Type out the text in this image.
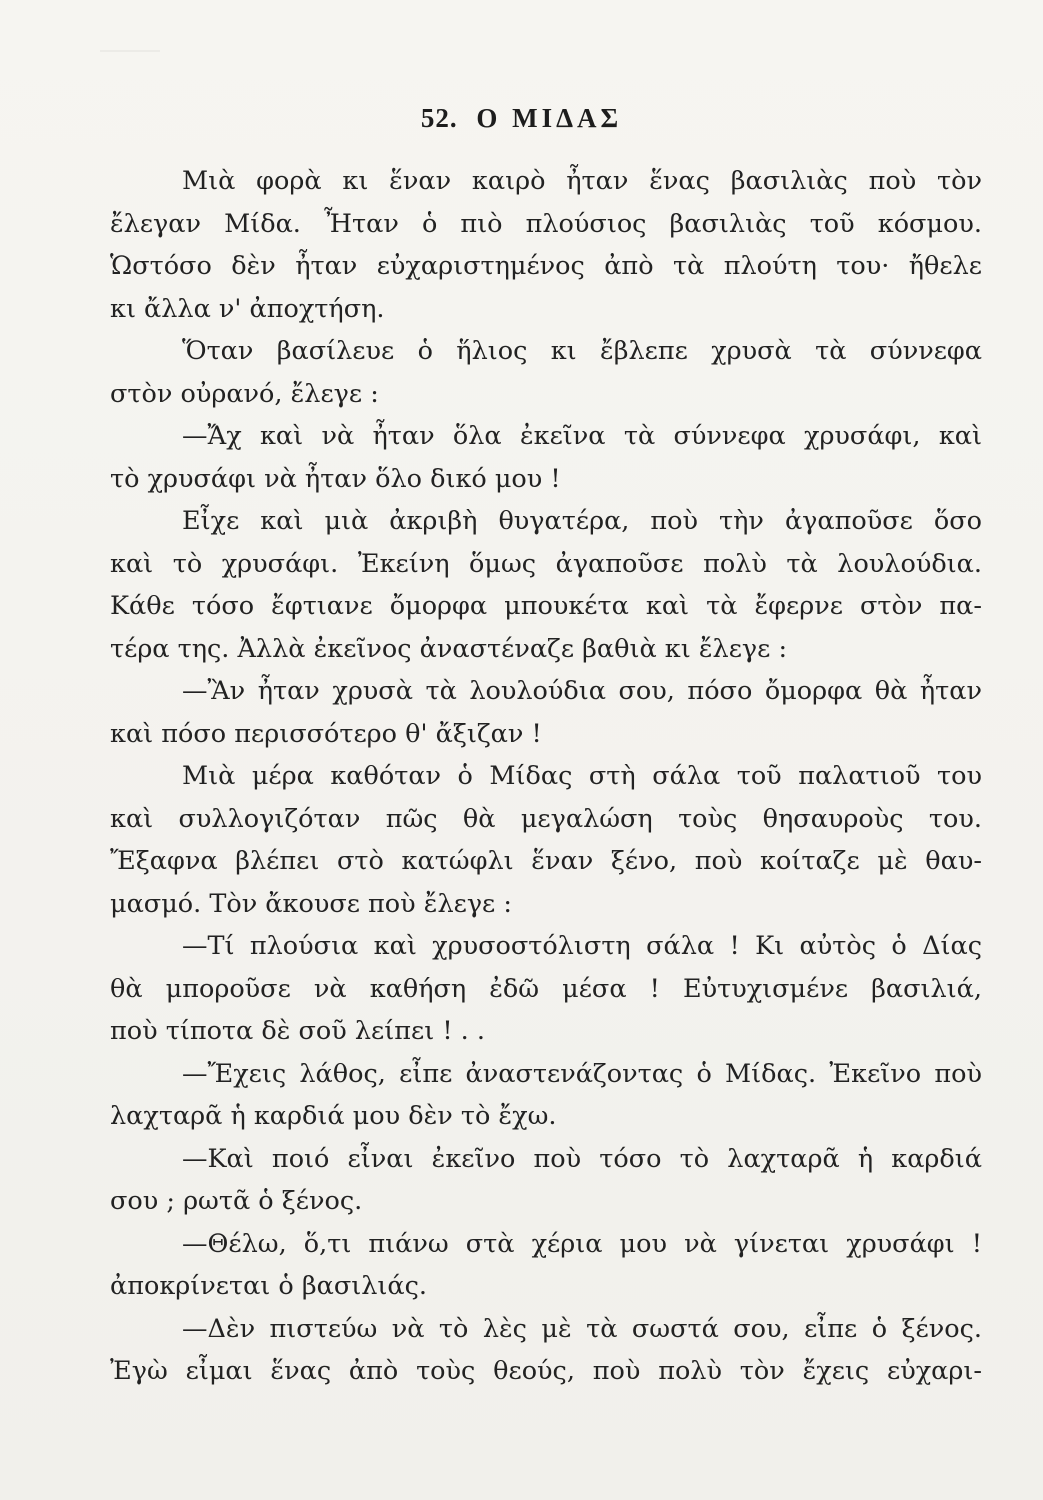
52. Ο ΜΙΔΑΣ
Μιὰ φορὰ κι ἕναν καιρὸ ἦταν ἕνας βασιλιὰς ποὺ τὸν
ἔλεγαν Μίδα. Ἦταν ὁ πιὸ πλούσιος βασιλιὰς τοῦ κόσμου.
Ὡστόσο δὲν ἦταν εὐχαριστημένος ἀπὸ τὰ πλούτη του· ἤθελε
κι ἄλλα ν' ἀποχτήση.
Ὅταν βασίλευε ὁ ἥλιος κι ἔβλεπε χρυσὰ τὰ σύννεφα
στὸν οὐρανό, ἔλεγε :
—Ἄχ καὶ νὰ ἦταν ὅλα ἐκεῖνα τὰ σύννεφα χρυσάφι, καὶ
τὸ χρυσάφι νὰ ἦταν ὅλο δικό μου !
Εἶχε καὶ μιὰ ἀκριβὴ θυγατέρα, ποὺ τὴν ἀγαποῦσε ὅσο
καὶ τὸ χρυσάφι. Ἐκείνη ὅμως ἀγαποῦσε πολὺ τὰ λουλούδια.
Κάθε τόσο ἔφτιανε ὄμορφα μπουκέτα καὶ τὰ ἔφερνε στὸν πα-
τέρα της. Ἀλλὰ ἐκεῖνος ἀναστέναζε βαθιὰ κι ἔλεγε :
—Ἂν ἦταν χρυσὰ τὰ λουλούδια σου, πόσο ὄμορφα θὰ ἦταν
καὶ πόσο περισσότερο θ' ἄξιζαν !
Μιὰ μέρα καθόταν ὁ Μίδας στὴ σάλα τοῦ παλατιοῦ του
καὶ συλλογιζόταν πῶς θὰ μεγαλώση τοὺς θησαυροὺς του.
Ἔξαφνα βλέπει στὸ κατώφλι ἕναν ξένο, ποὺ κοίταζε μὲ θαυ-
μασμό. Τὸν ἄκουσε ποὺ ἔλεγε :
—Τί πλούσια καὶ χρυσοστόλιστη σάλα ! Κι αὐτὸς ὁ Δίας
θὰ μποροῦσε νὰ καθήση ἐδῶ μέσα ! Εὐτυχισμένε βασιλιά,
ποὺ τίποτα δὲ σοῦ λείπει ! . .
—Ἔχεις λάθος, εἶπε ἀναστενάζοντας ὁ Μίδας. Ἐκεῖνο ποὺ
λαχταρᾶ ἡ καρδιά μου δὲν τὸ ἔχω.
—Καὶ ποιό εἶναι ἐκεῖνο ποὺ τόσο τὸ λαχταρᾶ ἡ καρδιά
σου ; ρωτᾶ ὁ ξένος.
—Θέλω, ὅ,τι πιάνω στὰ χέρια μου νὰ γίνεται χρυσάφι !
ἀποκρίνεται ὁ βασιλιάς.
—Δὲν πιστεύω νὰ τὸ λὲς μὲ τὰ σωστά σου, εἶπε ὁ ξένος.
Ἐγὼ εἶμαι ἕνας ἀπὸ τοὺς θεούς, ποὺ πολὺ τὸν ἔχεις εὐχαρι-
